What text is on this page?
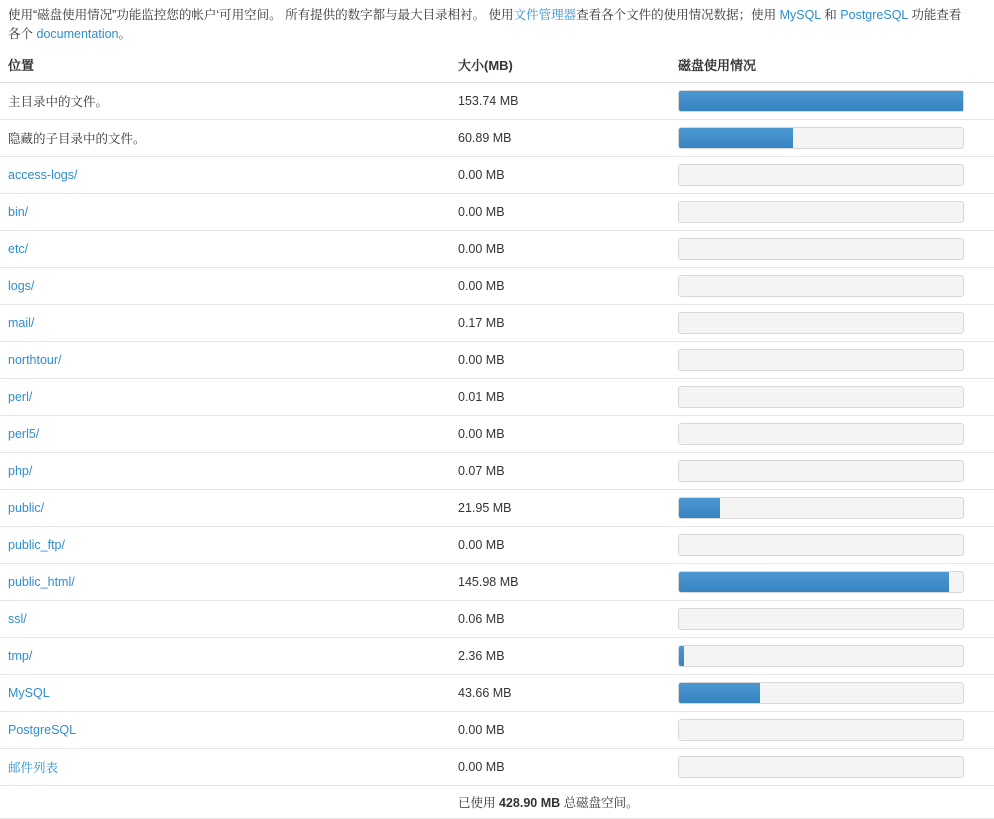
使用“磁盘使用情况”功能监控您的帐户‘可用空间。 所有提供的数字都与最大目录相衬。 使用文件管理器查看各个文件的使用情况数据；使用 MySQL 和 PostgreSQL 功能查看各个 documentation。
位置	大小(MB)	磁盘使用情况
主目录中的文件。	153.74 MB	

隐藏的子目录中的文件。	60.89 MB	

access-logs/	0.00 MB	

bin/	0.00 MB	

etc/	0.00 MB	

logs/	0.00 MB	

mail/	0.17 MB	

northtour/	0.00 MB	

perl/	0.01 MB	

perl5/	0.00 MB	

php/	0.07 MB	

public/	21.95 MB	

public_ftp/	0.00 MB	

public_html/	145.98 MB	

ssl/	0.06 MB	

tmp/	2.36 MB	

MySQL	43.66 MB	

PostgreSQL	0.00 MB	

邮件列表	0.00 MB	

	已使用 428.90 MB 总磁盘空间。	
